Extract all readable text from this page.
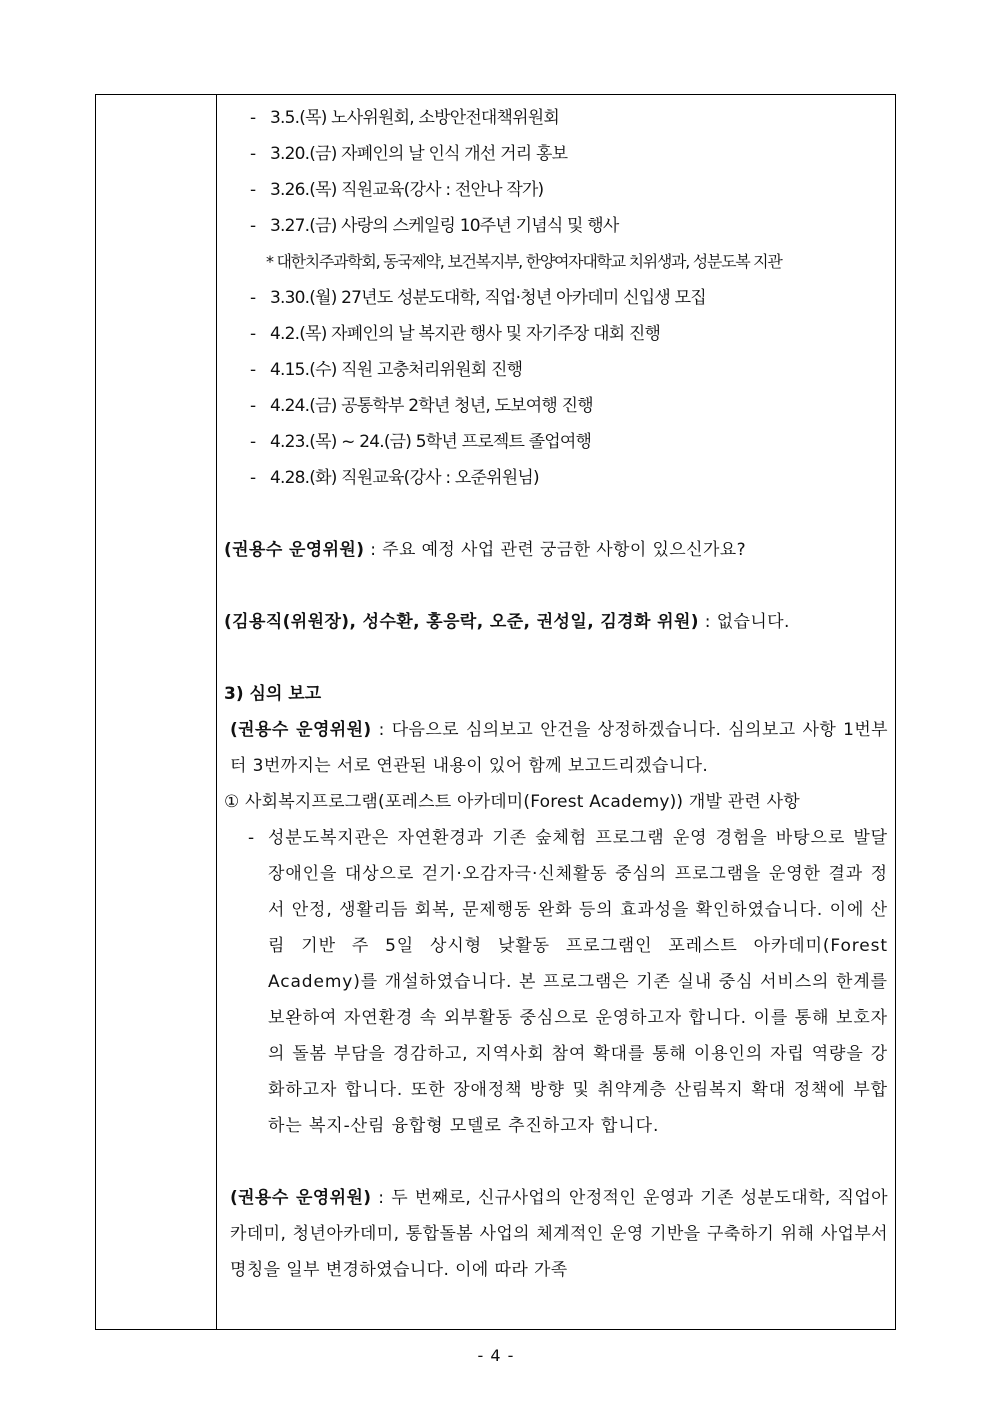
- 3.5.(목) 노사위원회, 소방안전대책위원회
- 3.20.(금) 자폐인의 날 인식 개선 거리 홍보
- 3.26.(목) 직원교육(강사 : 전안나 작가)
- 3.27.(금) 사랑의 스케일링 10주년 기념식 및 행사
* 대한치주과학회, 동국제약, 보건복지부, 한양여자대학교 치위생과, 성분도복 지관
- 3.30.(월) 27년도 성분도대학, 직업·청년 아카데미 신입생 모집
- 4.2.(목) 자폐인의 날 복지관 행사 및 자기주장 대회 진행
- 4.15.(수) 직원 고충처리위원회 진행
- 4.24.(금) 공통학부 2학년 청년, 도보여행 진행
- 4.23.(목) ~ 24.(금) 5학년 프로젝트 졸업여행
- 4.28.(화) 직원교육(강사 : 오준위원님)

(권용수 운영위원) : 주요 예정 사업 관련 궁금한 사항이 있으신가요?

(김용직(위원장), 성수환, 홍응락, 오준, 권성일, 김경화 위원) : 없습니다.

3) 심의 보고

(권용수 운영위원) : 다음으로 심의보고 안건을 상정하겠습니다. 심의보고 사항 1번부터 3번까지는 서로 연관된 내용이 있어 함께 보고드리겠습니다.

① 사회복지프로그램(포레스트 아카데미(Forest Academy)) 개발 관련 사항

- 성분도복지관은 자연환경과 기존 숲체험 프로그램 운영 경험을 바탕으로 발달장애인을 대상으로 걷기·오감자극·신체활동 중심의 프로그램을 운영한 결과 정서 안정, 생활리듬 회복, 문제행동 완화 등의 효과성을 확인하였습니다. 이에 산림 기반 주 5일 상시형 낮활동 프로그램인 포레스트 아카데미(Forest Academy)를 개설하였습니다. 본 프로그램은 기존 실내 중심 서비스의 한계를 보완하여 자연환경 속 외부활동 중심으로 운영하고자 합니다. 이를 통해 보호자의 돌봄 부담을 경감하고, 지역사회 참여 확대를 통해 이용인의 자립 역량을 강화하고자 합니다. 또한 장애정책 방향 및 취약계층 산림복지 확대 정책에 부합하는 복지-산림 융합형 모델로 추진하고자 합니다.

(권용수 운영위원) : 두 번째로, 신규사업의 안정적인 운영과 기존 성분도대학, 직업아카데미, 청년아카데미, 통합돌봄 사업의 체계적인 운영 기반을 구축하기 위해 사업부서 명칭을 일부 변경하였습니다. 이에 따라 가족

- 4 -
